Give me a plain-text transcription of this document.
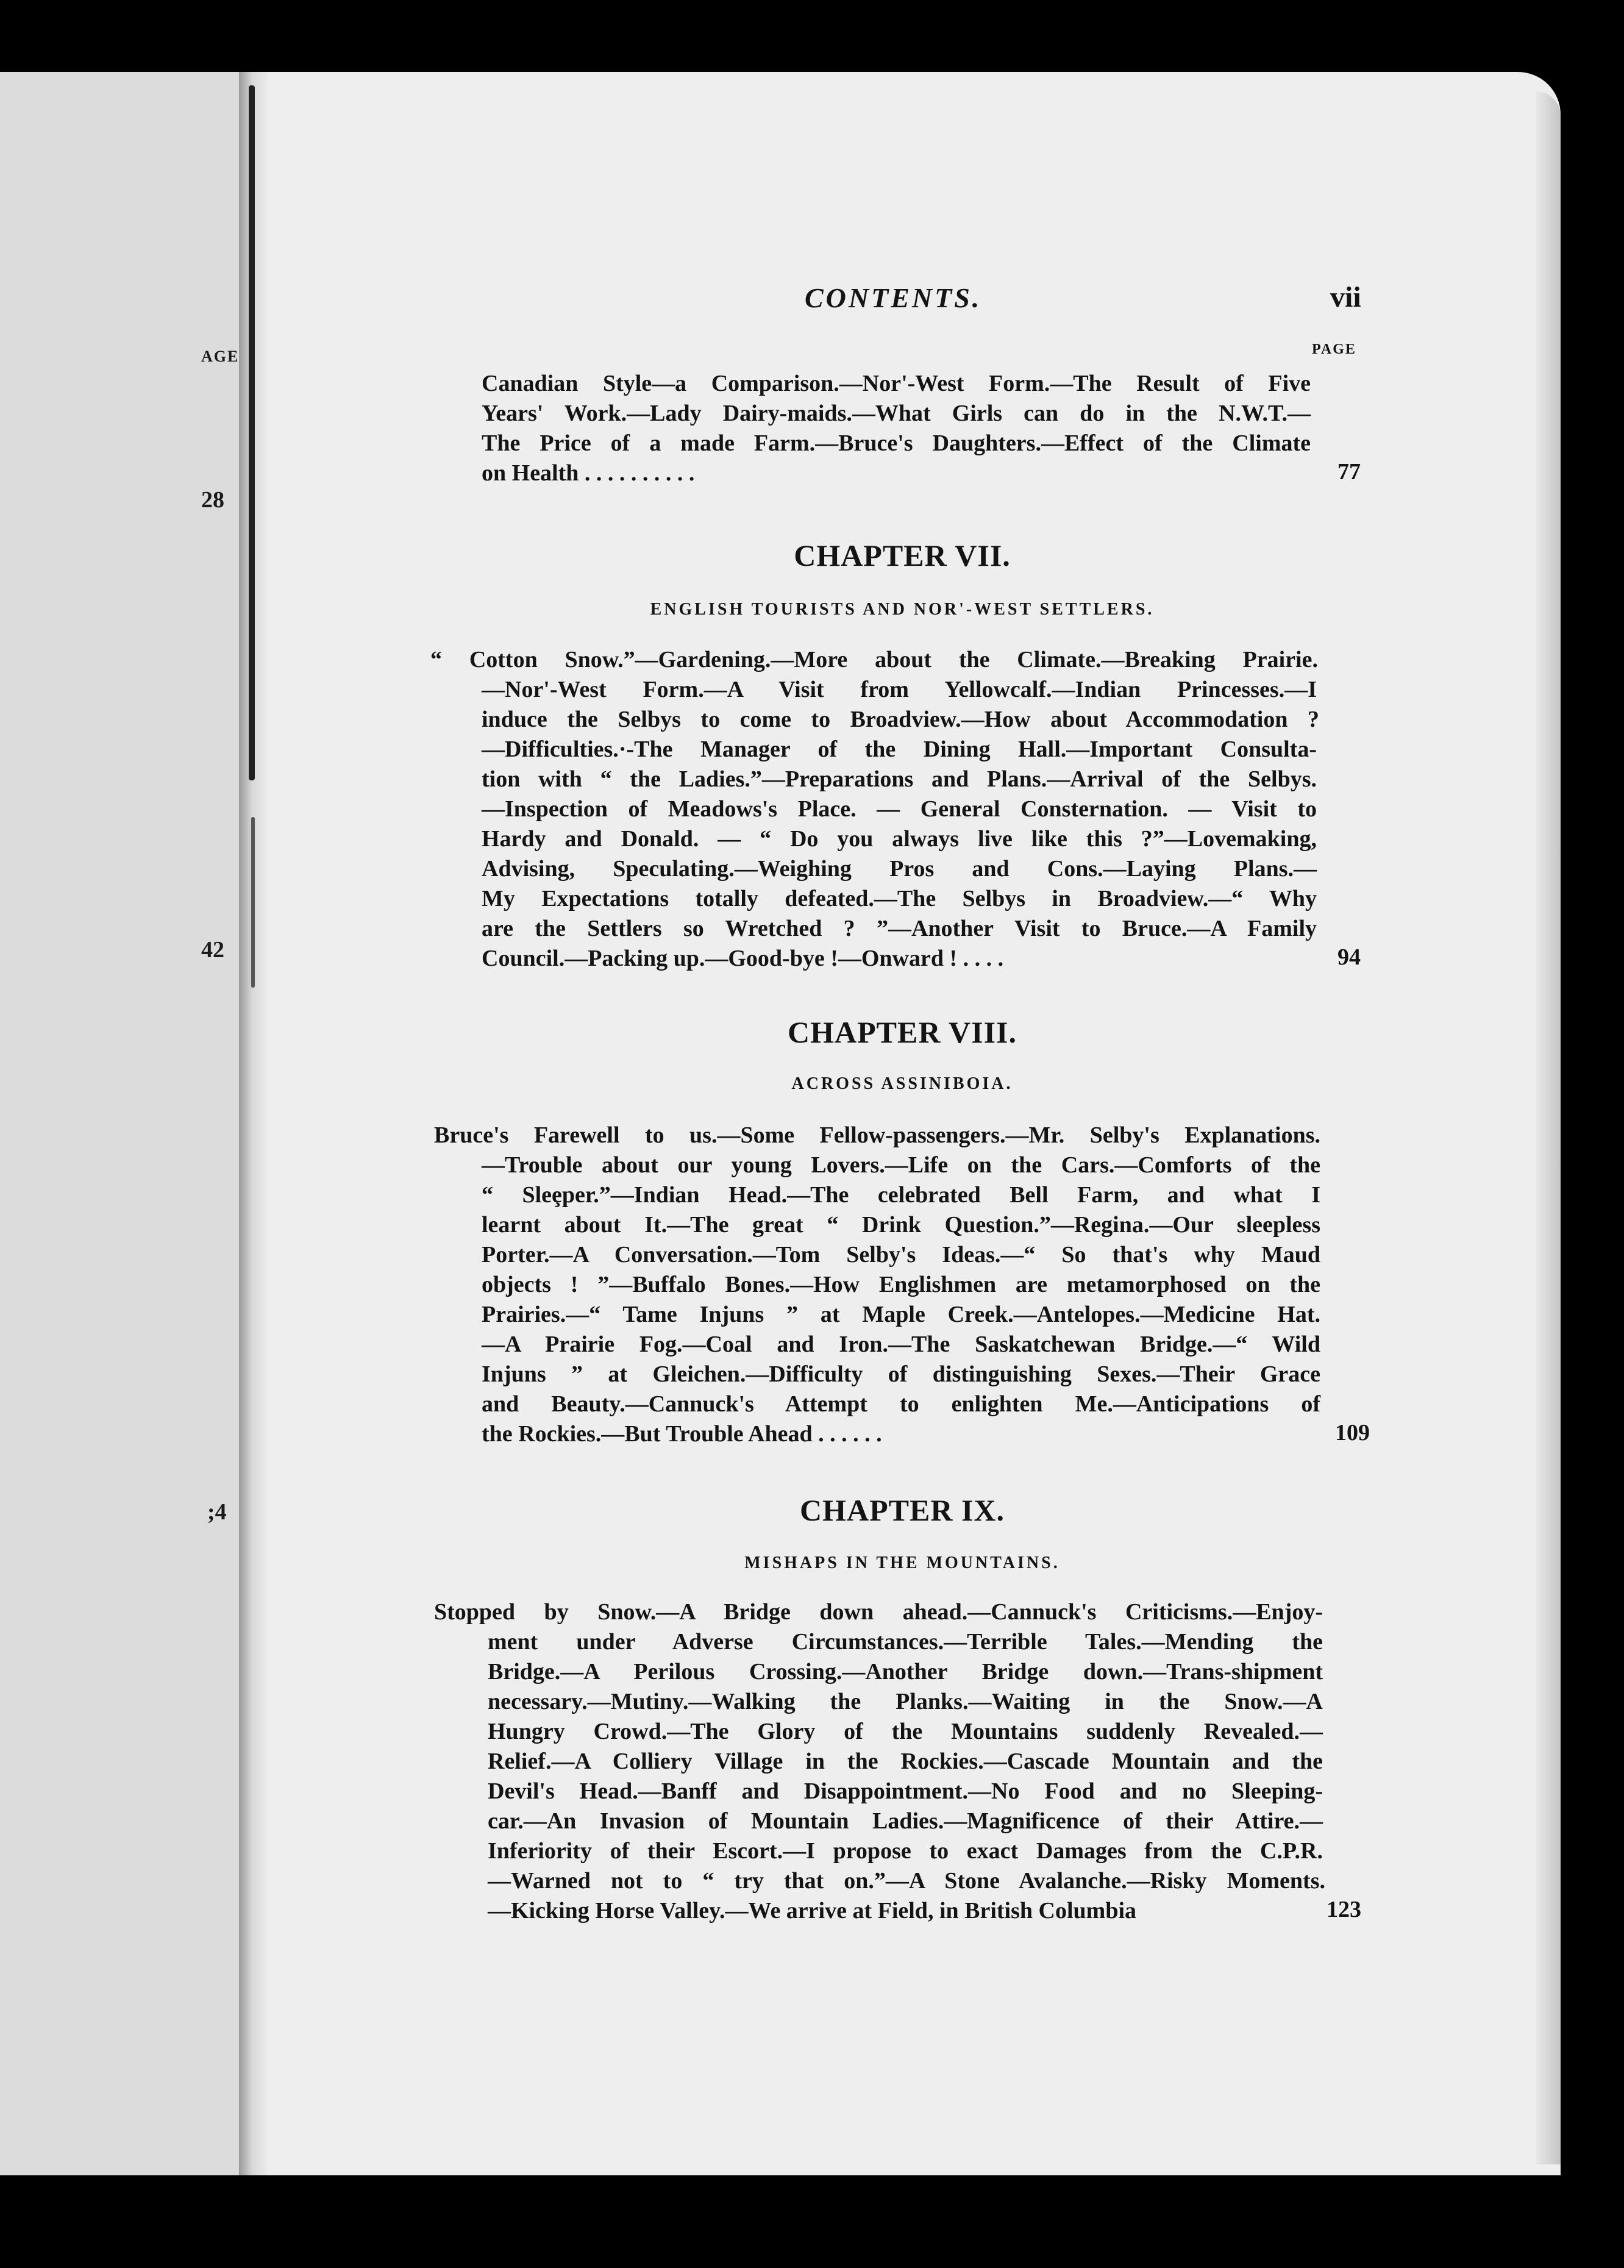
AGE
28
42
;4
CONTENTS.	vii
PAGE
Canadian Style—a Comparison.—Nor'-West Form.—The Result of Five
Years' Work.—Lady Dairy-maids.—What Girls can do in the N.W.T.—
The Price of a made Farm.—Bruce's Daughters.—Effect of the Climate
on Health . . . . . . . . . .	77
CHAPTER VII.
ENGLISH TOURISTS AND NOR'-WEST SETTLERS.
“ Cotton Snow.”—Gardening.—More about the Climate.—Breaking Prairie.
—Nor'-West Form.—A Visit from Yellowcalf.—Indian Princesses.—I
induce the Selbys to come to Broadview.—How about Accommodation ?
—Difficulties.·-The Manager of the Dining Hall.—Important Consulta-
tion with “ the Ladies.”—Preparations and Plans.—Arrival of the Selbys.
—Inspection of Meadows's Place. — General Consternation. — Visit to
Hardy and Donald. — “ Do you always live like this ?”—Lovemaking,
Advising, Speculating.—Weighing Pros and Cons.—Laying Plans.—
My Expectations totally defeated.—The Selbys in Broadview.—“ Why
are the Settlers so Wretched ? ”—Another Visit to Bruce.—A Family
Council.—Packing up.—Good-bye !—Onward ! . . . .	94
CHAPTER VIII.
ACROSS ASSINIBOIA.
Bruce's Farewell to us.—Some Fellow-passengers.—Mr. Selby's Explanations.
—Trouble about our young Lovers.—Life on the Cars.—Comforts of the
“ Sleȩper.”—Indian Head.—The celebrated Bell Farm, and what I
learnt about It.—The great “ Drink Question.”—Regina.—Our sleepless
Porter.—A Conversation.—Tom Selby's Ideas.—“ So that's why Maud
objects ! ”—Buffalo Bones.—How Englishmen are metamorphosed on the
Prairies.—“ Tame Injuns ” at Maple Creek.—Antelopes.—Medicine Hat.
—A Prairie Fog.—Coal and Iron.—The Saskatchewan Bridge.—“ Wild
Injuns ” at Gleichen.—Difficulty of distinguishing Sexes.—Their Grace
and Beauty.—Cannuck's Attempt to enlighten Me.—Anticipations of
the Rockies.—But Trouble Ahead . . . . . .	109
CHAPTER IX.
MISHAPS IN THE MOUNTAINS.
Stopped by Snow.—A Bridge down ahead.—Cannuck's Criticisms.—Enjoy-
ment under Adverse Circumstances.—Terrible Tales.—Mending the
Bridge.—A Perilous Crossing.—Another Bridge down.—Trans-shipment
necessary.—Mutiny.—Walking the Planks.—Waiting in the Snow.—A
Hungry Crowd.—The Glory of the Mountains suddenly Revealed.—
Relief.—A Colliery Village in the Rockies.—Cascade Mountain and the
Devil's Head.—Banff and Disappointment.—No Food and no Sleeping-
car.—An Invasion of Mountain Ladies.—Magnificence of their Attire.—
Inferiority of their Escort.—I propose to exact Damages from the C.P.R.
—Warned not to “ try that on.”—A Stone Avalanche.—Risky Moments.
—Kicking Horse Valley.—We arrive at Field, in British Columbia	123
